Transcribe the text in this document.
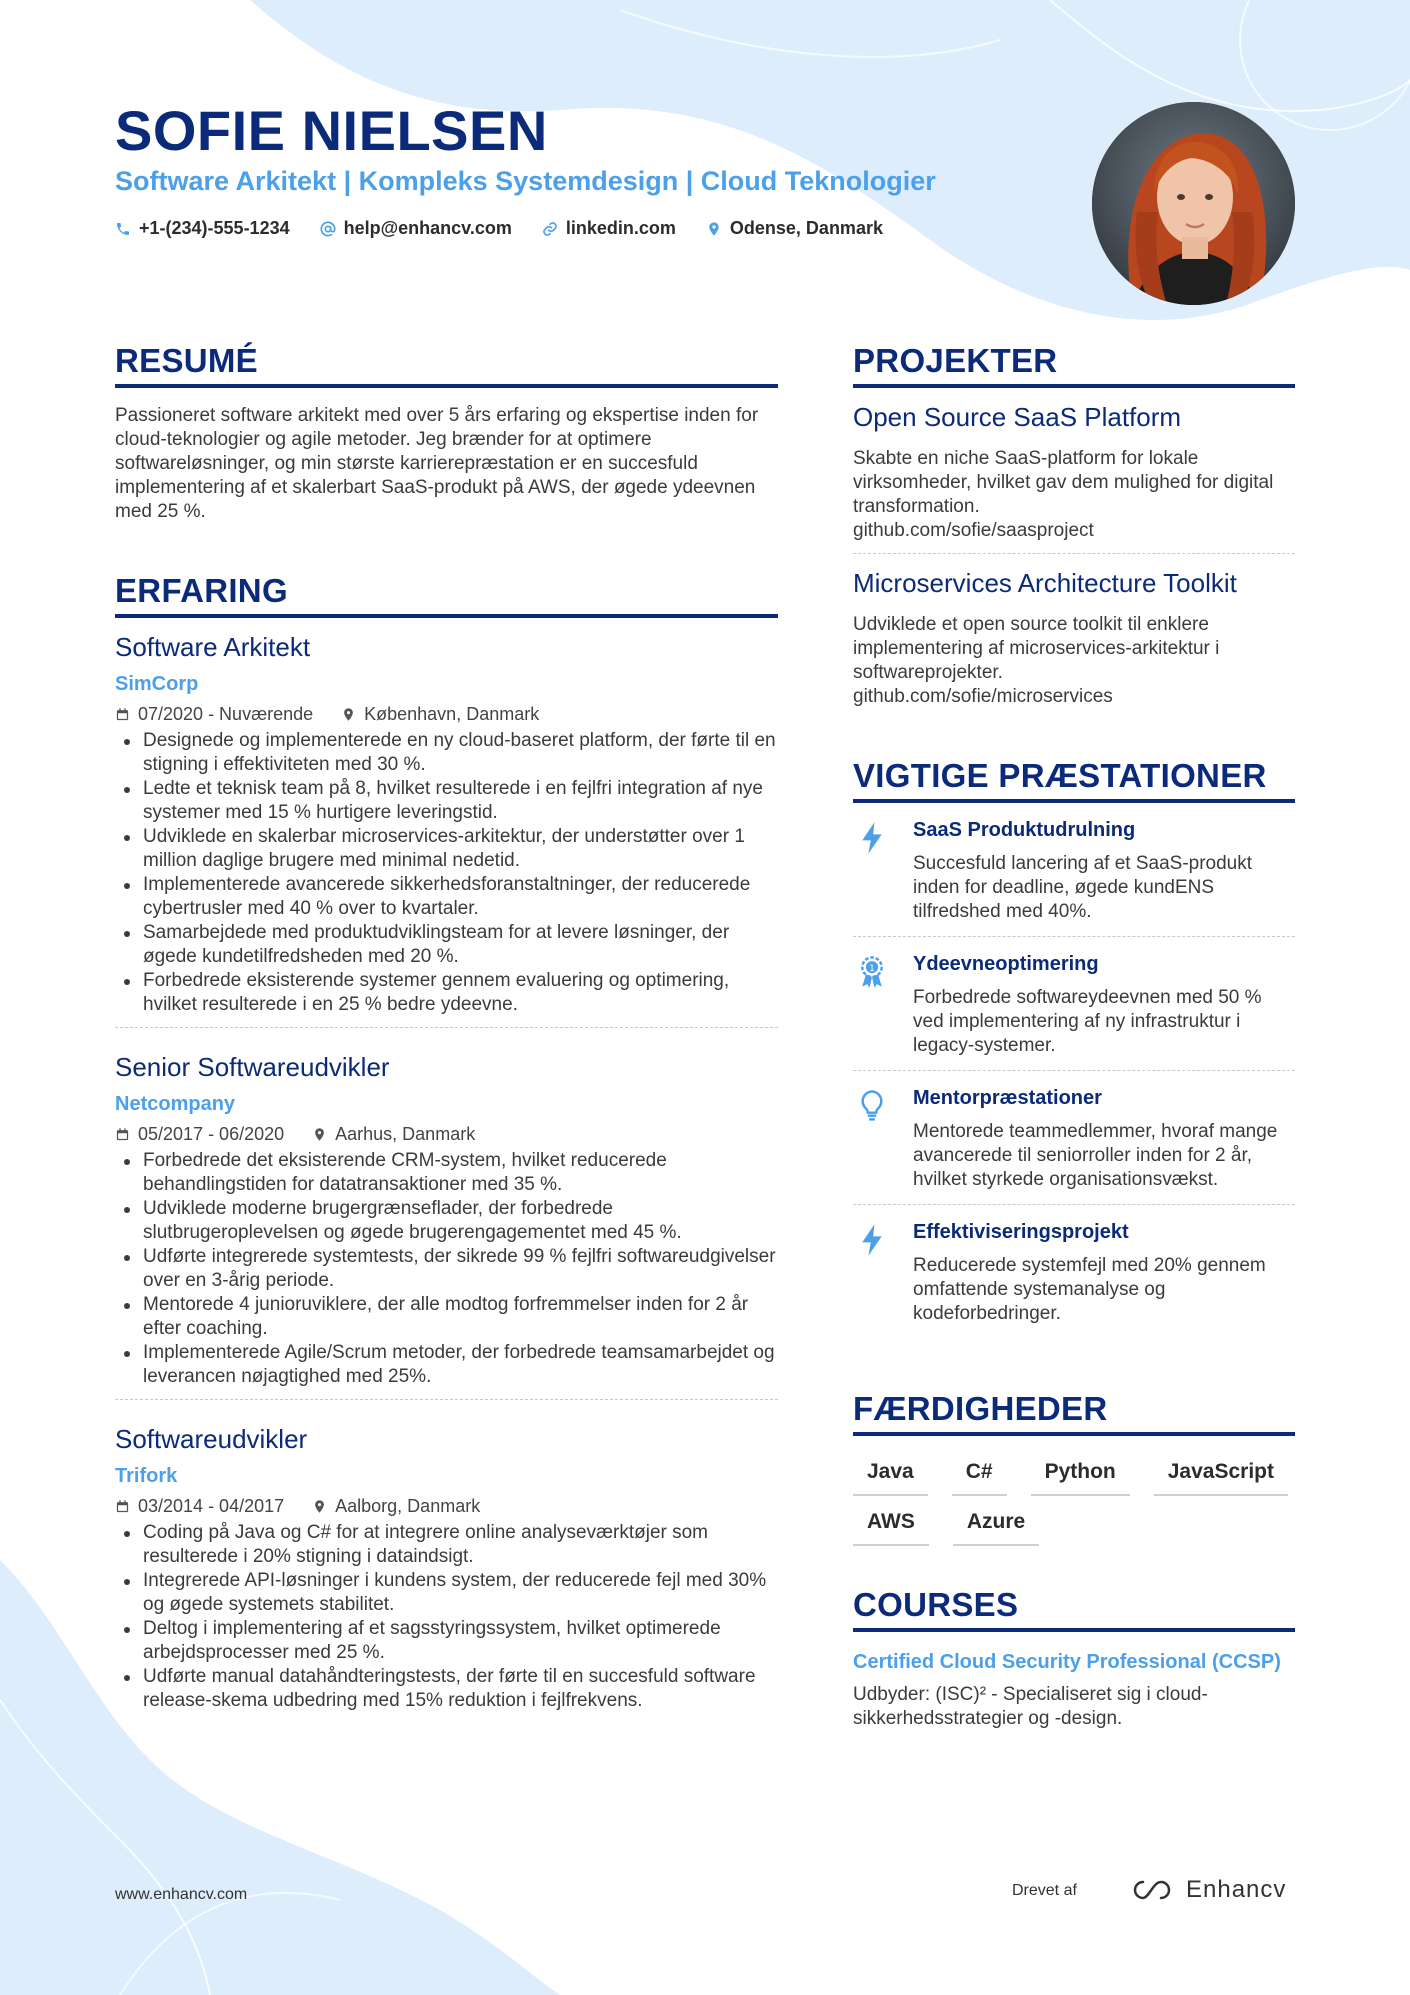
SOFIE NIELSEN
Software Arkitekt | Kompleks Systemdesign | Cloud Teknologier
+1-(234)-555-1234	help@enhancv.com	linkedin.com	Odense, Danmark
RESUMÉ

Passioneret software arkitekt med over 5 års erfaring og ekspertise inden for cloud-teknologier og agile metoder. Jeg brænder for at optimere softwareløsninger, og min største karrierepræstation er en succesfuld implementering af et skalerbart SaaS-produkt på AWS, der øgede ydeevnen med 25 %.

ERFARING
Software Arkitekt
SimCorp
07/2020 - Nuværende	København, Danmark
Designede og implementerede en ny cloud-baseret platform, der førte til en stigning i effektiviteten med 30 %.
Ledte et teknisk team på 8, hvilket resulterede i en fejlfri integration af nye systemer med 15 % hurtigere leveringstid.
Udviklede en skalerbar microservices-arkitektur, der understøtter over 1 million daglige brugere med minimal nedetid.
Implementerede avancerede sikkerhedsforanstaltninger, der reducerede cybertrusler med 40 % over to kvartaler.
Samarbejdede med produktudviklingsteam for at levere løsninger, der øgede kundetilfredsheden med 20 %.
Forbedrede eksisterende systemer gennem evaluering og optimering, hvilket resulterede i en 25 % bedre ydeevne.
Senior Softwareudvikler
Netcompany
05/2017 - 06/2020	Aarhus, Danmark
Forbedrede det eksisterende CRM-system, hvilket reducerede behandlingstiden for datatransaktioner med 35 %.
Udviklede moderne brugergrænseflader, der forbedrede slutbrugeroplevelsen og øgede brugerengagementet med 45 %.
Udførte integrerede systemtests, der sikrede 99 % fejlfri softwareudgivelser over en 3-årig periode.
Mentorede 4 junioruviklere, der alle modtog forfremmelser inden for 2 år efter coaching.
Implementerede Agile/Scrum metoder, der forbedrede teamsamarbejdet og leverancen nøjagtighed med 25%.
Softwareudvikler
Trifork
03/2014 - 04/2017	Aalborg, Danmark
Coding på Java og C# for at integrere online analyseværktøjer som resulterede i 20% stigning i dataindsigt.
Integrerede API-løsninger i kundens system, der reducerede fejl med 30% og øgede systemets stabilitet.
Deltog i implementering af et sagsstyringssystem, hvilket optimerede arbejdsprocesser med 25 %.
Udførte manual datahåndteringstests, der førte til en succesfuld software release-skema udbedring med 15% reduktion i fejlfrekvens.
PROJEKTER
Open Source SaaS Platform

Skabte en niche SaaS-platform for lokale virksomheder, hvilket gav dem mulighed for digital transformation.

github.com/sofie/saasproject

Microservices Architecture Toolkit

Udviklede et open source toolkit til enklere implementering af microservices-arkitektur i softwareprojekter.

github.com/sofie/microservices

VIGTIGE PRÆSTATIONER
SaaS Produktudrulning

Succesfuld lancering af et SaaS-produkt inden for deadline, øgede kundENS tilfredshed med 40%.

1 Ydeevneoptimering

Forbedrede softwareydeevnen med 50 % ved implementering af ny infrastruktur i legacy-systemer.

Mentorpræstationer

Mentorede teammedlemmer, hvoraf mange avancerede til seniorroller inden for 2 år, hvilket styrkede organisationsvækst.

Effektiviseringsprojekt

Reducerede systemfejl med 20% gennem omfattende systemanalyse og kodeforbedringer.

FÆRDIGHEDER
Java	C#	Python	JavaScript
AWS	Azure
COURSES
Certified Cloud Security Professional (CCSP)

Udbyder: (ISC)² - Specialiseret sig i cloud-sikkerhedsstrategier og -design.

www.enhancv.com	Drevet af	Enhancv
